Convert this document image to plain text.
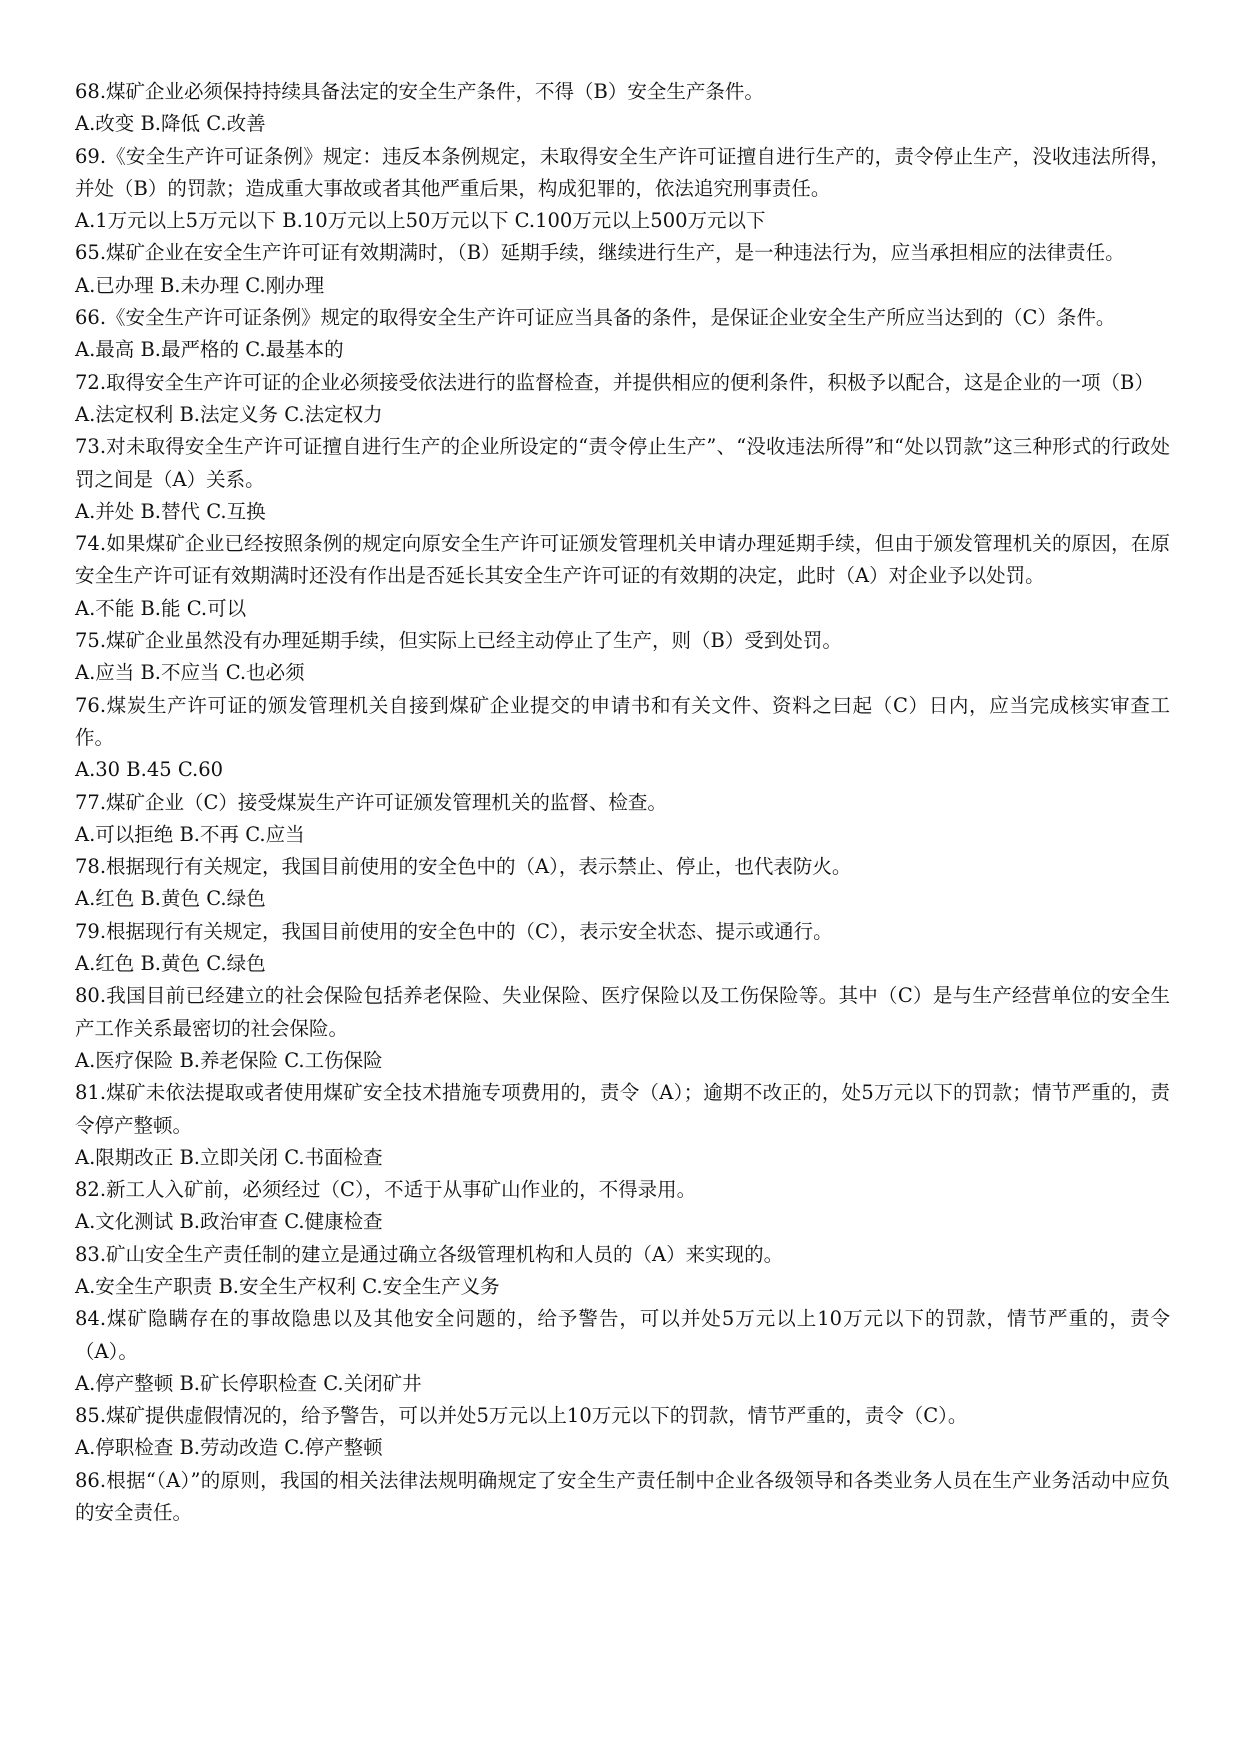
68.煤矿企业必须保持持续具备法定的安全生产条件，不得（B）安全生产条件。

A.改变 B.降低 C.改善

69.《安全生产许可证条例》规定：违反本条例规定，未取得安全生产许可证擅自进行生产的，责令停止生产，没收违法所得，并处（B）的罚款；造成重大事故或者其他严重后果，构成犯罪的，依法追究刑事责任。

A.1万元以上5万元以下 B.10万元以上50万元以下 C.100万元以上500万元以下

65.煤矿企业在安全生产许可证有效期满时，（B）延期手续，继续进行生产，是一种违法行为，应当承担相应的法律责任。

A.已办理 B.未办理 C.刚办理

66.《安全生产许可证条例》规定的取得安全生产许可证应当具备的条件，是保证企业安全生产所应当达到的（C）条件。

A.最高 B.最严格的 C.最基本的

72.取得安全生产许可证的企业必须接受依法进行的监督检查，并提供相应的便利条件，积极予以配合，这是企业的一项（B）

A.法定权利 B.法定义务 C.法定权力

73.对未取得安全生产许可证擅自进行生产的企业所设定的“责令停止生产”、“没收违法所得”和“处以罚款”这三种形式的行政处罚之间是（A）关系。

A.并处 B.替代 C.互换

74.如果煤矿企业已经按照条例的规定向原安全生产许可证颁发管理机关申请办理延期手续，但由于颁发管理机关的原因，在原安全生产许可证有效期满时还没有作出是否延长其安全生产许可证的有效期的决定，此时（A）对企业予以处罚。

A.不能 B.能 C.可以

75.煤矿企业虽然没有办理延期手续，但实际上已经主动停止了生产，则（B）受到处罚。

A.应当 B.不应当 C.也必须

76.煤炭生产许可证的颁发管理机关自接到煤矿企业提交的申请书和有关文件、资料之曰起（C）日内，应当完成核实审查工作。

A.30 B.45 C.60

77.煤矿企业（C）接受煤炭生产许可证颁发管理机关的监督、检查。

A.可以拒绝 B.不再 C.应当

78.根据现行有关规定，我国目前使用的安全色中的（A），表示禁止、停止，也代表防火。

A.红色 B.黄色 C.绿色

79.根据现行有关规定，我国目前使用的安全色中的（C），表示安全状态、提示或通行。

A.红色 B.黄色 C.绿色

80.我国目前已经建立的社会保险包括养老保险、失业保险、医疗保险以及工伤保险等。其中（C）是与生产经营单位的安全生产工作关系最密切的社会保险。

A.医疗保险 B.养老保险 C.工伤保险

81.煤矿未依法提取或者使用煤矿安全技术措施专项费用的，责令（A）；逾期不改正的，处5万元以下的罚款；情节严重的，责令停产整顿。

A.限期改正 B.立即关闭 C.书面检查

82.新工人入矿前，必须经过（C），不适于从事矿山作业的，不得录用。

A.文化测试 B.政治审查 C.健康检查

83.矿山安全生产责任制的建立是通过确立各级管理机构和人员的（A）来实现的。

A.安全生产职责 B.安全生产权利 C.安全生产义务

84.煤矿隐瞒存在的事故隐患以及其他安全问题的，给予警告，可以并处5万元以上10万元以下的罚款，情节严重的，责令（A）。

A.停产整顿 B.矿长停职检查 C.关闭矿井

85.煤矿提供虚假情况的，给予警告，可以并处5万元以上10万元以下的罚款，情节严重的，责令（C）。

A.停职检查 B.劳动改造 C.停产整顿

86.根据“（A）”的原则，我国的相关法律法规明确规定了安全生产责任制中企业各级领导和各类业务人员在生产业务活动中应负的安全责任。
